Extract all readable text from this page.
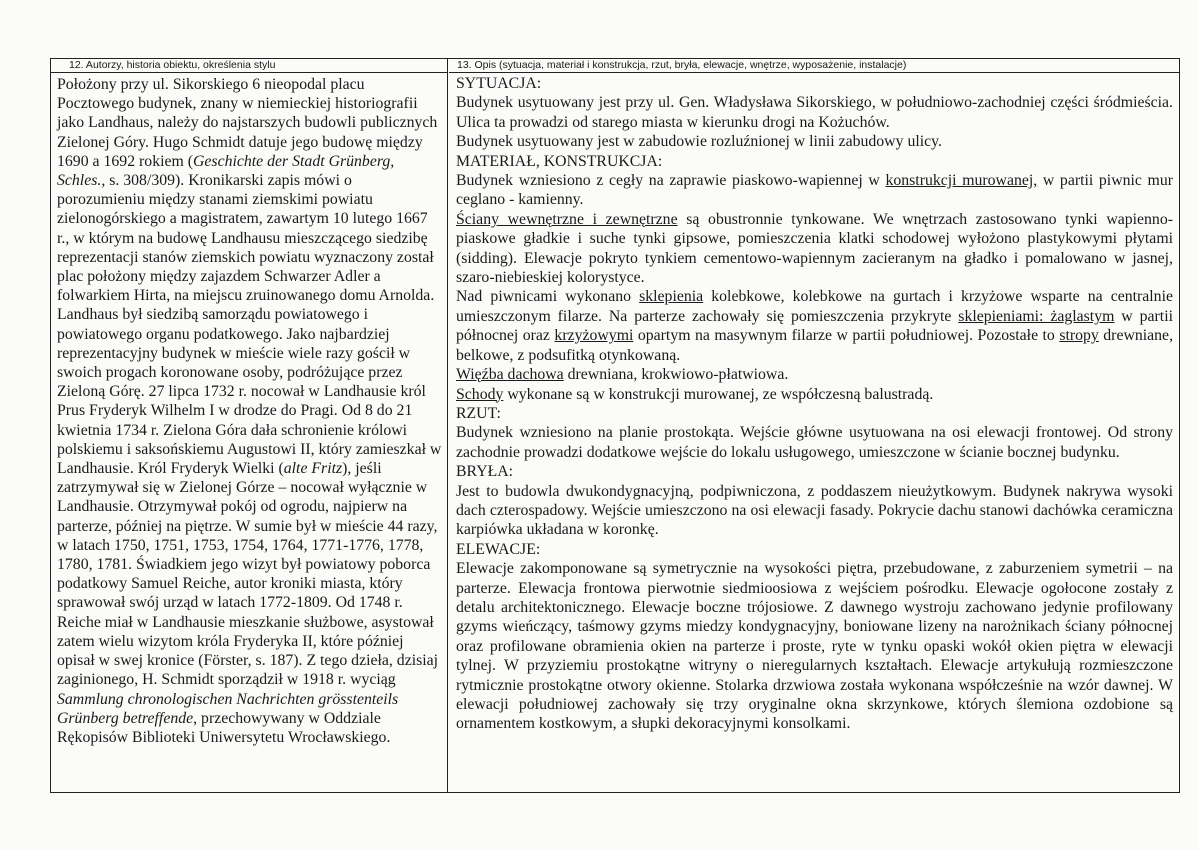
12. Autorzy, historia obiektu, określenia stylu

Położony przy ul. Sikorskiego 6 nieopodal placu Pocztowego budynek, znany w niemieckiej historiografii jako Landhaus, należy do najstarszych budowli publicznych Zielonej Góry. Hugo Schmidt datuje jego budowę między 1690 a 1692 rokiem (Geschichte der Stadt Grünberg, Schles., s. 308/309). Kronikarski zapis mówi o porozumieniu między stanami ziemskimi powiatu zielonogórskiego a magistratem, zawartym 10 lutego 1667 r., w którym na budowę Landhausu mieszczącego siedzibę reprezentacji stanów ziemskich powiatu wyznaczony został plac położony między zajazdem Schwarzer Adler a folwarkiem Hirta, na miejscu zruinowanego domu Arnolda.

Landhaus był siedzibą samorządu powiatowego i powiatowego organu podatkowego. Jako najbardziej reprezentacyjny budynek w mieście wiele razy gościł w swoich progach koronowane osoby, podróżujące przez Zieloną Górę. 27 lipca 1732 r. nocował w Landhausie król Prus Fryderyk Wilhelm I w drodze do Pragi. Od 8 do 21 kwietnia 1734 r. Zielona Góra dała schronienie królowi polskiemu i saksońskiemu Augustowi II, który zamieszkał w Landhausie. Król Fryderyk Wielki (alte Fritz), jeśli zatrzymywał się w Zielonej Górze – nocował wyłącznie w Landhausie. Otrzymywał pokój od ogrodu, najpierw na parterze, później na piętrze. W sumie był w mieście 44 razy, w latach 1750, 1751, 1753, 1754, 1764, 1771-1776, 1778, 1780, 1781. Świadkiem jego wizyt był powiatowy poborca podatkowy Samuel Reiche, autor kroniki miasta, który sprawował swój urząd w latach 1772-1809. Od 1748 r. Reiche miał w Landhausie mieszkanie służbowe, asystował zatem wielu wizytom króla Fryderyka II, które później opisał w swej kronice (Förster, s. 187). Z tego dzieła, dzisiaj zaginionego, H. Schmidt sporządził w 1918 r. wyciąg Sammlung chronologischen Nachrichten grösstenteils Grünberg betreffende, przechowywany w Oddziale Rękopisów Biblioteki Uniwersytetu Wrocławskiego.

13. Opis (sytuacja, materiał i konstrukcja, rzut, bryła, elewacje, wnętrze, wyposażenie, instalacje)

SYTUACJA:

Budynek usytuowany jest przy ul. Gen. Władysława Sikorskiego, w południowo-zachodniej części śródmieścia. Ulica ta prowadzi od starego miasta w kierunku drogi na Kożuchów.

Budynek usytuowany jest w zabudowie rozluźnionej w linii zabudowy ulicy.

MATERIAŁ, KONSTRUKCJA:

Budynek wzniesiono z cegły na zaprawie piaskowo-wapiennej w konstrukcji murowanej, w partii piwnic mur ceglano - kamienny.

Ściany wewnętrzne i zewnętrzne są obustronnie tynkowane. We wnętrzach zastosowano tynki wapienno-piaskowe gładkie i suche tynki gipsowe, pomieszczenia klatki schodowej wyłożono plastykowymi płytami (sidding). Elewacje pokryto tynkiem cementowo-wapiennym zacieranym na gładko i pomalowano w jasnej, szaro-niebieskiej kolorystyce.

Nad piwnicami wykonano sklepienia kolebkowe, kolebkowe na gurtach i krzyżowe wsparte na centralnie umieszczonym filarze. Na parterze zachowały się pomieszczenia przykryte sklepieniami: żaglastym w partii północnej oraz krzyżowymi opartym na masywnym filarze w partii południowej. Pozostałe to stropy drewniane, belkowe, z podsufitką otynkowaną.

Więźba dachowa drewniana, krokwiowo-płatwiowa.

Schody wykonane są w konstrukcji murowanej, ze współczesną balustradą.

RZUT:

Budynek wzniesiono na planie prostokąta. Wejście główne usytuowana na osi elewacji frontowej. Od strony zachodnie prowadzi dodatkowe wejście do lokalu usługowego, umieszczone w ścianie bocznej budynku.

BRYŁA:

Jest to budowla dwukondygnacyjną, podpiwniczona, z poddaszem nieużytkowym. Budynek nakrywa wysoki dach czterospadowy. Wejście umieszczono na osi elewacji fasady. Pokrycie dachu stanowi dachówka ceramiczna karpiówka układana w koronkę.

ELEWACJE:

Elewacje zakomponowane są symetrycznie na wysokości piętra, przebudowane, z zaburzeniem symetrii – na parterze. Elewacja frontowa pierwotnie siedmioosiowa z wejściem pośrodku. Elewacje ogołocone zostały z detalu architektonicznego. Elewacje boczne trójosiowe. Z dawnego wystroju zachowano jedynie profilowany gzyms wieńczący, taśmowy gzyms miedzy kondygnacyjny, boniowane lizeny na narożnikach ściany północnej oraz profilowane obramienia okien na parterze i proste, ryte w tynku opaski wokół okien piętra w elewacji tylnej. W przyziemiu prostokątne witryny o nieregularnych kształtach. Elewacje artykułują rozmieszczone rytmicznie prostokątne otwory okienne. Stolarka drzwiowa została wykonana współcześnie na wzór dawnej. W elewacji południowej zachowały się trzy oryginalne okna skrzynkowe, których ślemiona ozdobione są ornamentem kostkowym, a słupki dekoracyjnymi konsolkami.
